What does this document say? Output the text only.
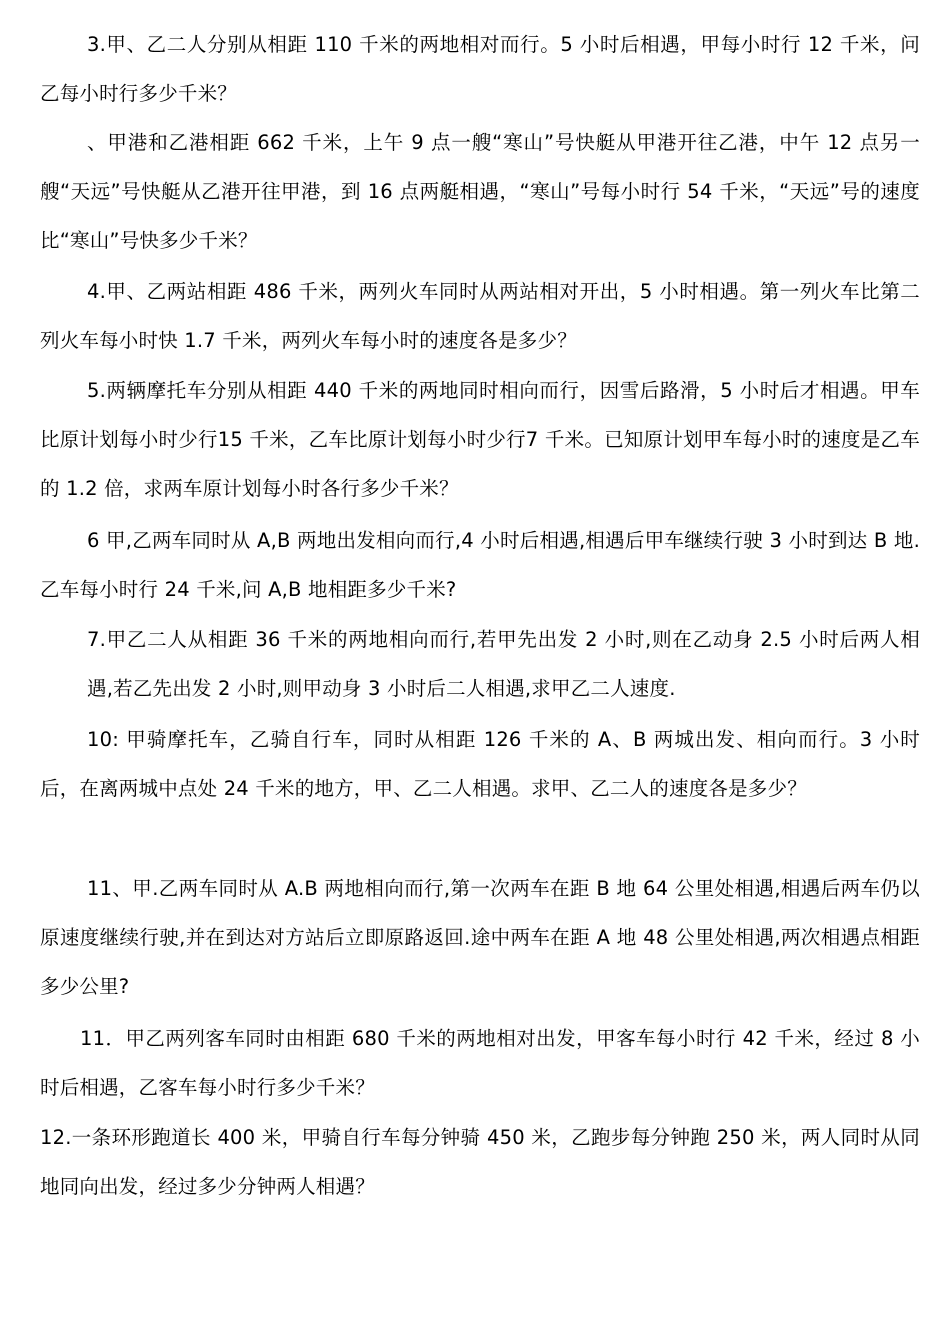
3.甲、乙二人分别从相距 110 千米的两地相对而行。5 小时后相遇，甲每小时行 12 千米，问乙每小时行多少千米？

、甲港和乙港相距 662 千米，上午 9 点一艘“寒山”号快艇从甲港开往乙港，中午 12 点另一艘“天远”号快艇从乙港开往甲港，到 16 点两艇相遇，“寒山”号每小时行 54 千米，“天远”号的速度比“寒山”号快多少千米？

4.甲、乙两站相距 486 千米，两列火车同时从两站相对开出，5 小时相遇。第一列火车比第二列火车每小时快 1.7 千米，两列火车每小时的速度各是多少？

5.两辆摩托车分别从相距 440 千米的两地同时相向而行，因雪后路滑，5 小时后才相遇。甲车比原计划每小时少行15 千米，乙车比原计划每小时少行7 千米。已知原计划甲车每小时的速度是乙车的 1.2 倍，求两车原计划每小时各行多少千米？

6 甲,乙两车同时从 A,B 两地出发相向而行,4 小时后相遇,相遇后甲车继续行驶 3 小时到达 B 地.乙车每小时行 24 千米,问 A,B 地相距多少千米?

7.甲乙二人从相距 36 千米的两地相向而行,若甲先出发 2 小时,则在乙动身 2.5 小时后两人相遇,若乙先出发 2 小时,则甲动身 3 小时后二人相遇,求甲乙二人速度.

10: 甲骑摩托车，乙骑自行车，同时从相距 126 千米的 A、B 两城出发、相向而行。3 小时后，在离两城中点处 24 千米的地方，甲、乙二人相遇。求甲、乙二人的速度各是多少？

11、甲.乙两车同时从 A.B 两地相向而行,第一次两车在距 B 地 64 公里处相遇,相遇后两车仍以原速度继续行驶,并在到达对方站后立即原路返回.途中两车在距 A 地 48 公里处相遇,两次相遇点相距多少公里?

11．甲乙两列客车同时由相距 680 千米的两地相对出发，甲客车每小时行 42 千米，经过 8 小时后相遇，乙客车每小时行多少千米？

12.一条环形跑道长 400 米，甲骑自行车每分钟骑 450 米，乙跑步每分钟跑 250 米，两人同时从同地同向出发，经过多少分钟两人相遇？
